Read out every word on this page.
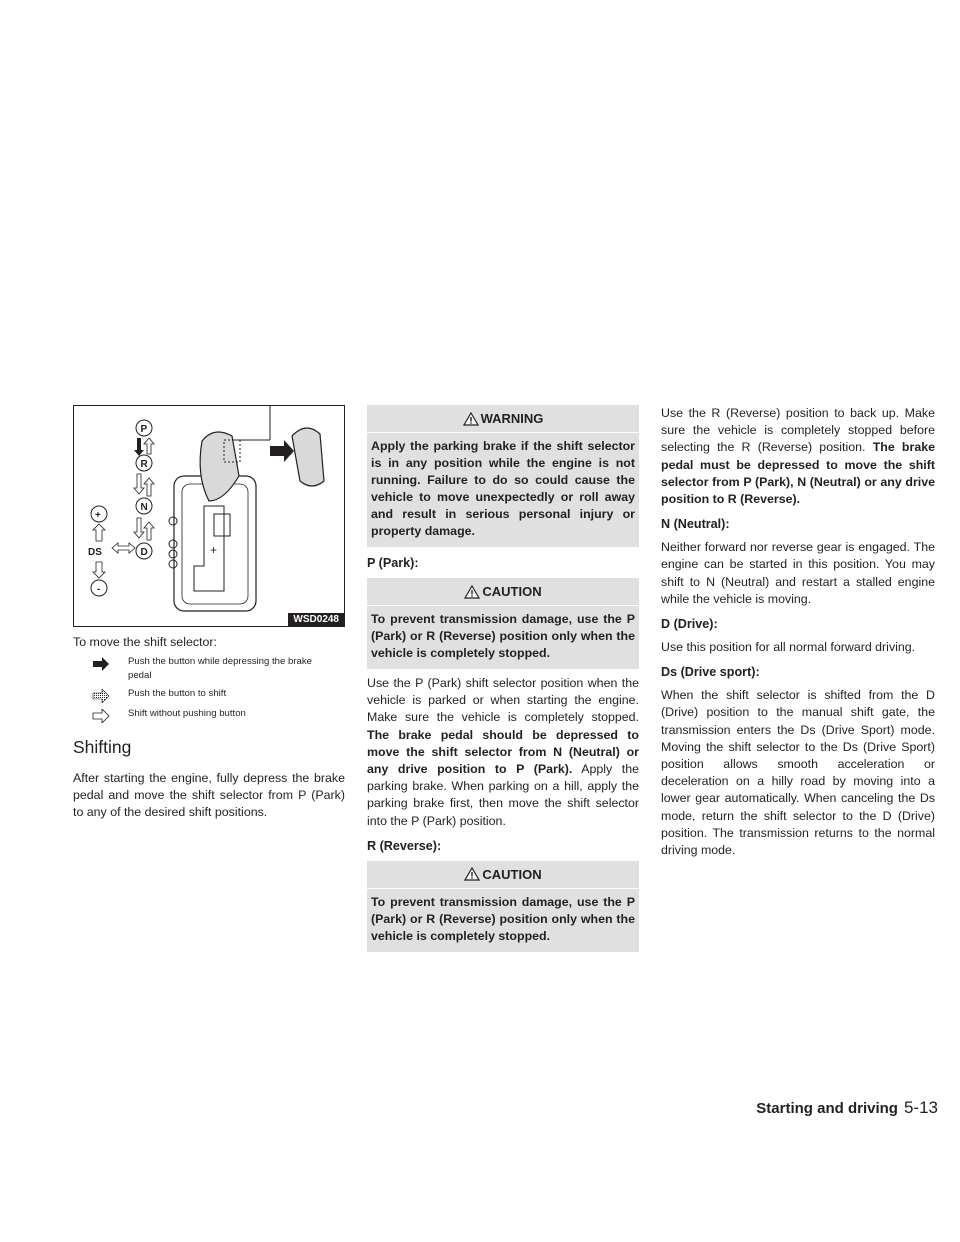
+
P
R
N
D
+
-
DS
WSD0248

To move the shift selector:

Push the button while depressing the brake pedal
Push the button to shift
Shift without pushing button
Shifting

After starting the engine, fully depress the brake pedal and move the shift selector from P (Park) to any of the desired shift positions.

WARNING
Apply the parking brake if the shift selector is in any position while the engine is not running. Failure to do so could cause the vehicle to move unexpectedly or roll away and result in serious personal injury or property damage.
P (Park):
CAUTION
To prevent transmission damage, use the P (Park) or R (Reverse) position only when the vehicle is completely stopped.

Use the P (Park) shift selector position when the vehicle is parked or when starting the engine. Make sure the vehicle is completely stopped. The brake pedal should be depressed to move the shift selector from N (Neutral) or any drive position to P (Park). Apply the parking brake. When parking on a hill, apply the parking brake first, then move the shift selector into the P (Park) position.

R (Reverse):
CAUTION
To prevent transmission damage, use the P (Park) or R (Reverse) position only when the vehicle is completely stopped.

Use the R (Reverse) position to back up. Make sure the vehicle is completely stopped before selecting the R (Reverse) position. The brake pedal must be depressed to move the shift selector from P (Park), N (Neutral) or any drive position to R (Reverse).

N (Neutral):

Neither forward nor reverse gear is engaged. The engine can be started in this position. You may shift to N (Neutral) and restart a stalled engine while the vehicle is moving.

D (Drive):

Use this position for all normal forward driving.

Ds (Drive sport):

When the shift selector is shifted from the D (Drive) position to the manual shift gate, the transmission enters the Ds (Drive Sport) mode. Moving the shift selector to the Ds (Drive Sport) position allows smooth acceleration or deceleration on a hilly road by moving into a lower gear automatically. When canceling the Ds mode, return the shift selector to the D (Drive) position. The transmission returns to the normal driving mode.

Starting and driving 5-13
